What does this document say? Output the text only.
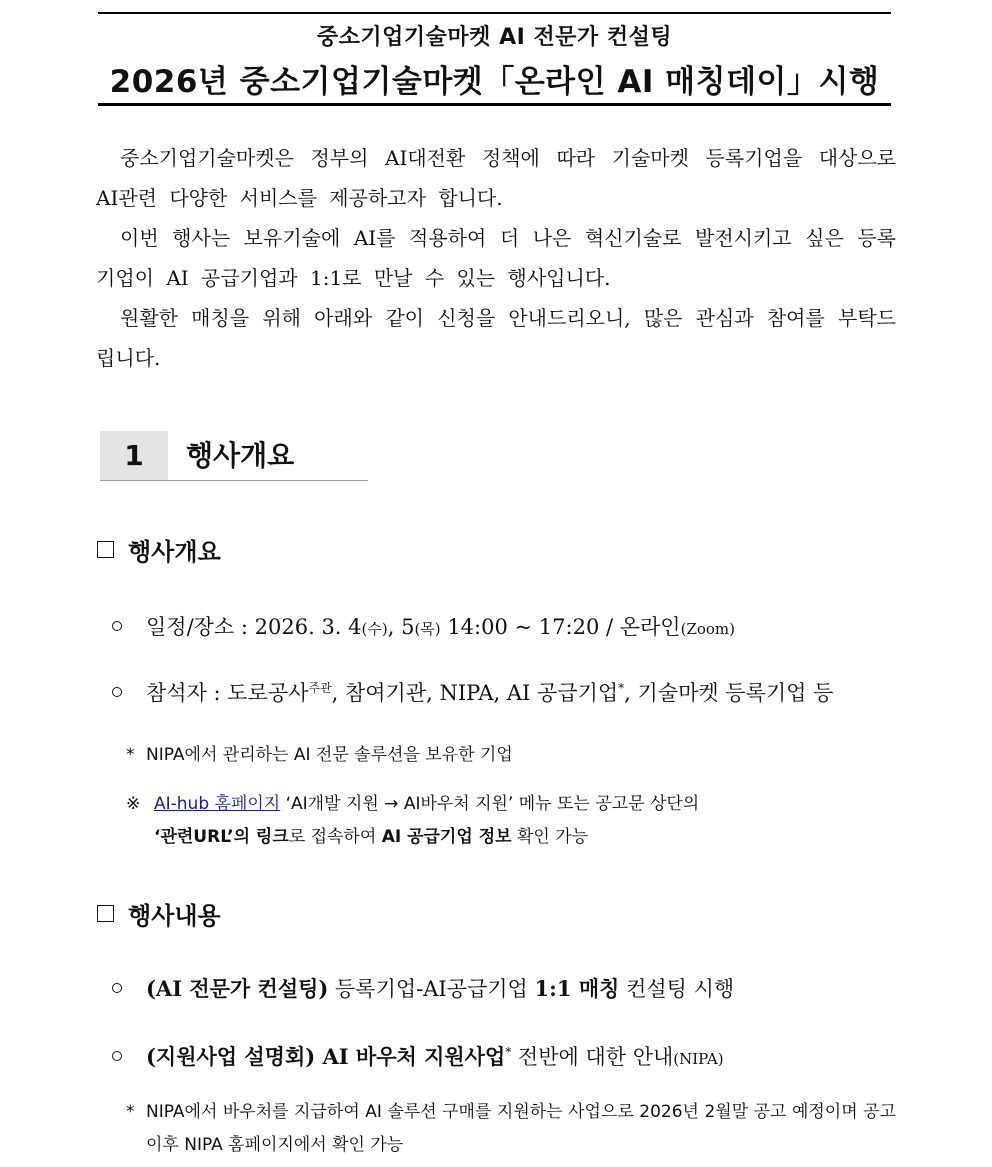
중소기업기술마켓 AI 전문가 컨설팅
2026년 중소기업기술마켓「온라인 AI 매칭데이」시행

중소기업기술마켓은 정부의 AI대전환 정책에 따라 기술마켓 등록기업을 대상으로 AI관련 다양한 서비스를 제공하고자 합니다.

이번 행사는 보유기술에 AI를 적용하여 더 나은 혁신기술로 발전시키고 싶은 등록기업이 AI 공급기업과 1:1로 만날 수 있는 행사입니다.

원활한 매칭을 위해 아래와 같이 신청을 안내드리오니, 많은 관심과 참여를 부탁드립니다.

1	행사개요
행사개요
일정/장소 : 2026. 3. 4(수), 5(목) 14:00 ~ 17:20 / 온라인(Zoom)
참석자 : 도로공사$^{주관}$, 참여기관, NIPA, AI 공급기업*, 기술마켓 등록기업 등
* NIPA에서 관리하는 AI 전문 솔루션을 보유한 기업
※ AI-hub 홈페이지 ‘AI개발 지원 → AI바우처 지원’ 메뉴 또는 공고문 상단의
‘관련URL’의 링크로 접속하여 AI 공급기업 정보 확인 가능
행사내용
(AI 전문가 컨설팅) 등록기업-AI공급기업 1:1 매칭 컨설팅 시행
(지원사업 설명회) AI 바우처 지원사업* 전반에 대한 안내(NIPA)
* NIPA에서 바우처를 지급하여 AI 솔루션 구매를 지원하는 사업으로 2026년 2월말 공고 예정이며 공고 이후 NIPA 홈페이지에서 확인 가능
